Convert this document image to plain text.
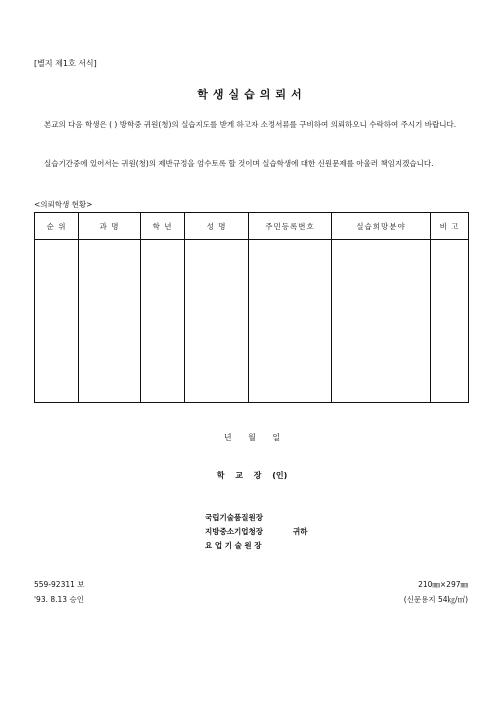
[별지 제1호 서식]
학생실습의뢰서
본교의 다음 학생은 ( ) 방학중 귀원(청)의 실습지도를 받게 하고자 소정서류를 구비하여 의뢰하오니 수락하여 주시기 바랍니다.
실습기간중에 있어서는 귀원(청)의 제반규정을 엄수토록 할 것이며 실습학생에 대한 신원문제를 아울러 책임지겠습니다.
<의뢰학생 현황>
순 위	과 명	학 년	성 명	주민등록번호	실습희망분야	비 고

년 월 일
학 교 장 (인)
국립기술품질원장
지방중소기업청장
요 업 기 술 원 장
귀하
559-92311 보
'93. 8.13 승인
210㎜×297㎜
(신문용지 54㎏/㎡)
